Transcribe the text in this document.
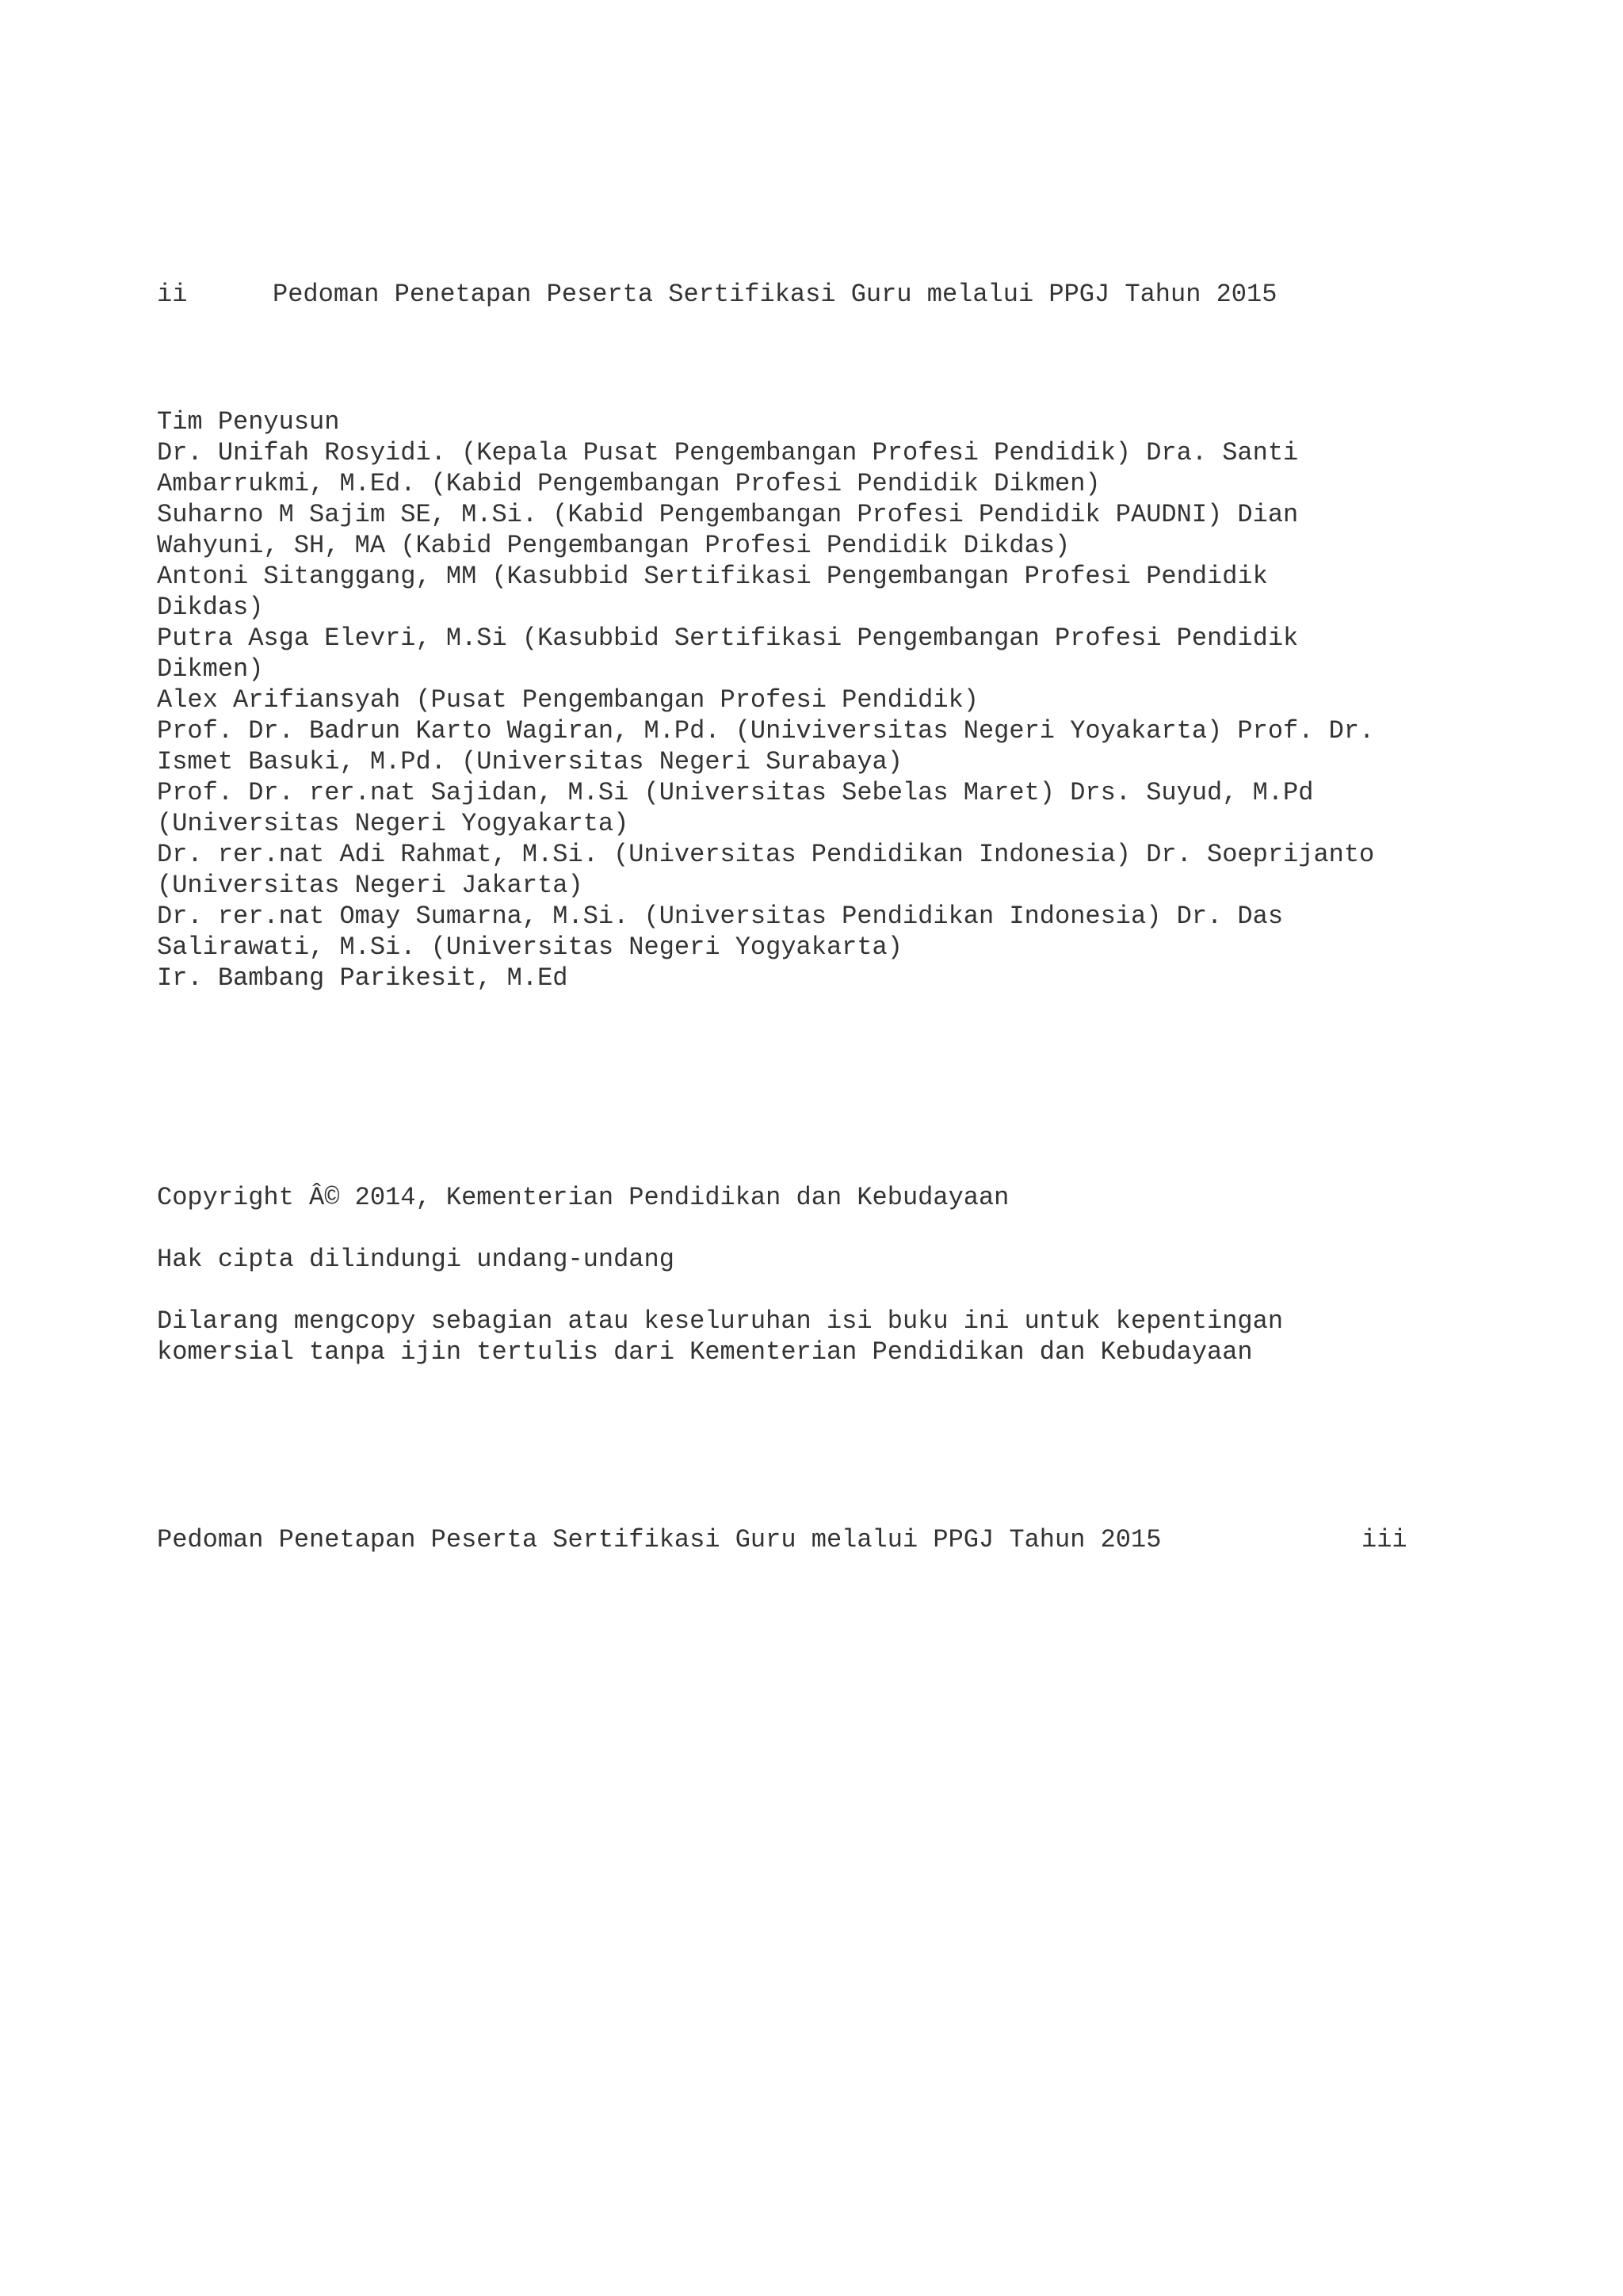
ii	Pedoman Penetapan Peserta Sertifikasi Guru melalui PPGJ Tahun 2015
Tim Penyusun
Dr. Unifah Rosyidi. (Kepala Pusat Pengembangan Profesi Pendidik) Dra. Santi
Ambarrukmi, M.Ed. (Kabid Pengembangan Profesi Pendidik Dikmen)
Suharno M Sajim SE, M.Si. (Kabid Pengembangan Profesi Pendidik PAUDNI) Dian
Wahyuni, SH, MA (Kabid Pengembangan Profesi Pendidik Dikdas)
Antoni Sitanggang, MM (Kasubbid Sertifikasi Pengembangan Profesi Pendidik
Dikdas)
Putra Asga Elevri, M.Si (Kasubbid Sertifikasi Pengembangan Profesi Pendidik
Dikmen)
Alex Arifiansyah (Pusat Pengembangan Profesi Pendidik)
Prof. Dr. Badrun Karto Wagiran, M.Pd. (Univiversitas Negeri Yoyakarta) Prof. Dr.
Ismet Basuki, M.Pd. (Universitas Negeri Surabaya)
Prof. Dr. rer.nat Sajidan, M.Si (Universitas Sebelas Maret) Drs. Suyud, M.Pd
(Universitas Negeri Yogyakarta)
Dr. rer.nat Adi Rahmat, M.Si. (Universitas Pendidikan Indonesia) Dr. Soeprijanto
(Universitas Negeri Jakarta)
Dr. rer.nat Omay Sumarna, M.Si. (Universitas Pendidikan Indonesia) Dr. Das
Salirawati, M.Si. (Universitas Negeri Yogyakarta)
Ir. Bambang Parikesit, M.Ed
Copyright Â© 2014, Kementerian Pendidikan dan Kebudayaan
Hak cipta dilindungi undang-undang
Dilarang mengcopy sebagian atau keseluruhan isi buku ini untuk kepentingan
komersial tanpa ijin tertulis dari Kementerian Pendidikan dan Kebudayaan
Pedoman Penetapan Peserta Sertifikasi Guru melalui PPGJ Tahun 2015	iii
